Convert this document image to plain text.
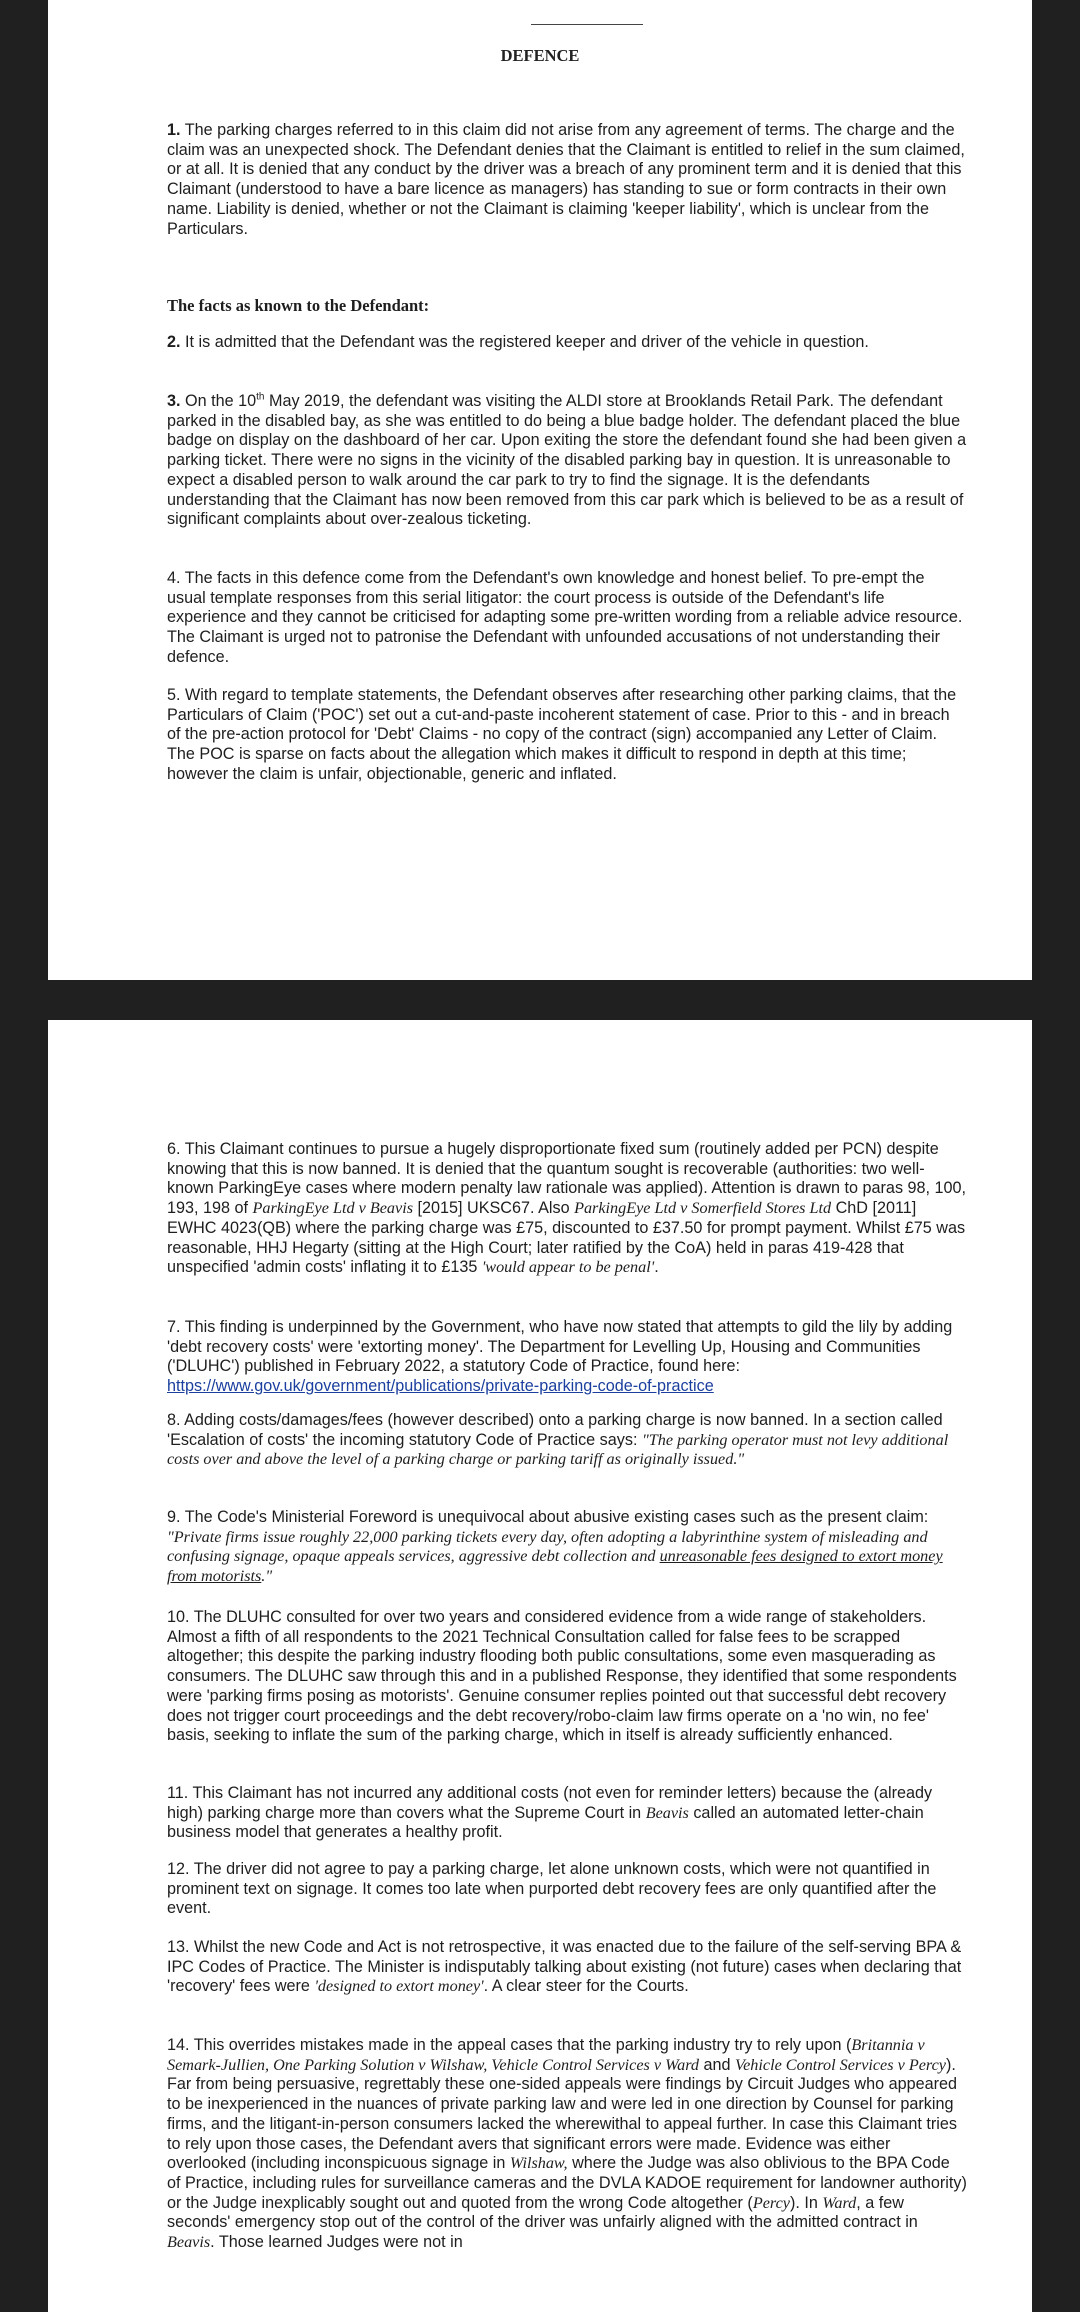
DEFENCE

1. The parking charges referred to in this claim did not arise from any agreement of terms. The charge and the claim was an unexpected shock. The Defendant denies that the Claimant is entitled to relief in the sum claimed, or at all. It is denied that any conduct by the driver was a breach of any prominent term and it is denied that this Claimant (understood to have a bare licence as managers) has standing to sue or form contracts in their own name. Liability is denied, whether or not the Claimant is claiming 'keeper liability', which is unclear from the Particulars.

The facts as known to the Defendant:

2. It is admitted that the Defendant was the registered keeper and driver of the vehicle in question.

3. On the 10th May 2019, the defendant was visiting the ALDI store at Brooklands Retail Park. The defendant parked in the disabled bay, as she was entitled to do being a blue badge holder. The defendant placed the blue badge on display on the dashboard of her car. Upon exiting the store the defendant found she had been given a parking ticket. There were no signs in the vicinity of the disabled parking bay in question. It is unreasonable to expect a disabled person to walk around the car park to try to find the signage. It is the defendants understanding that the Claimant has now been removed from this car park which is believed to be as a result of significant complaints about over-zealous ticketing.

4. The facts in this defence come from the Defendant's own knowledge and honest belief. To pre-empt the usual template responses from this serial litigator: the court process is outside of the Defendant's life experience and they cannot be criticised for adapting some pre-written wording from a reliable advice resource. The Claimant is urged not to patronise the Defendant with unfounded accusations of not understanding their defence.

5. With regard to template statements, the Defendant observes after researching other parking claims, that the Particulars of Claim ('POC') set out a cut-and-paste incoherent statement of case. Prior to this - and in breach of the pre-action protocol for 'Debt' Claims - no copy of the contract (sign) accompanied any Letter of Claim. The POC is sparse on facts about the allegation which makes it difficult to respond in depth at this time; however the claim is unfair, objectionable, generic and inflated.

6. This Claimant continues to pursue a hugely disproportionate fixed sum (routinely added per PCN) despite knowing that this is now banned. It is denied that the quantum sought is recoverable (authorities: two well-known ParkingEye cases where modern penalty law rationale was applied). Attention is drawn to paras 98, 100, 193, 198 of ParkingEye Ltd v Beavis [2015] UKSC67. Also ParkingEye Ltd v Somerfield Stores Ltd ChD [2011] EWHC 4023(QB) where the parking charge was £75, discounted to £37.50 for prompt payment. Whilst £75 was reasonable, HHJ Hegarty (sitting at the High Court; later ratified by the CoA) held in paras 419-428 that unspecified 'admin costs' inflating it to £135 'would appear to be penal'.

7. This finding is underpinned by the Government, who have now stated that attempts to gild the lily by adding 'debt recovery costs' were 'extorting money'. The Department for Levelling Up, Housing and Communities ('DLUHC') published in February 2022, a statutory Code of Practice, found here: https://www.gov.uk/government/publications/private-parking-code-of-practice

8. Adding costs/damages/fees (however described) onto a parking charge is now banned. In a section called 'Escalation of costs' the incoming statutory Code of Practice says: "The parking operator must not levy additional costs over and above the level of a parking charge or parking tariff as originally issued."

9. The Code's Ministerial Foreword is unequivocal about abusive existing cases such as the present claim: "Private firms issue roughly 22,000 parking tickets every day, often adopting a labyrinthine system of misleading and confusing signage, opaque appeals services, aggressive debt collection and unreasonable fees designed to extort money from motorists."

10. The DLUHC consulted for over two years and considered evidence from a wide range of stakeholders. Almost a fifth of all respondents to the 2021 Technical Consultation called for false fees to be scrapped altogether; this despite the parking industry flooding both public consultations, some even masquerading as consumers. The DLUHC saw through this and in a published Response, they identified that some respondents were 'parking firms posing as motorists'. Genuine consumer replies pointed out that successful debt recovery does not trigger court proceedings and the debt recovery/robo-claim law firms operate on a 'no win, no fee' basis, seeking to inflate the sum of the parking charge, which in itself is already sufficiently enhanced.

11. This Claimant has not incurred any additional costs (not even for reminder letters) because the (already high) parking charge more than covers what the Supreme Court in Beavis called an automated letter-chain business model that generates a healthy profit.

12. The driver did not agree to pay a parking charge, let alone unknown costs, which were not quantified in prominent text on signage. It comes too late when purported debt recovery fees are only quantified after the event.

13. Whilst the new Code and Act is not retrospective, it was enacted due to the failure of the self-serving BPA & IPC Codes of Practice. The Minister is indisputably talking about existing (not future) cases when declaring that 'recovery' fees were 'designed to extort money'. A clear steer for the Courts.

14. This overrides mistakes made in the appeal cases that the parking industry try to rely upon (Britannia v Semark-Jullien, One Parking Solution v Wilshaw, Vehicle Control Services v Ward and Vehicle Control Services v Percy). Far from being persuasive, regrettably these one-sided appeals were findings by Circuit Judges who appeared to be inexperienced in the nuances of private parking law and were led in one direction by Counsel for parking firms, and the litigant-in-person consumers lacked the wherewithal to appeal further. In case this Claimant tries to rely upon those cases, the Defendant avers that significant errors were made. Evidence was either overlooked (including inconspicuous signage in Wilshaw, where the Judge was also oblivious to the BPA Code of Practice, including rules for surveillance cameras and the DVLA KADOE requirement for landowner authority) or the Judge inexplicably sought out and quoted from the wrong Code altogether (Percy). In Ward, a few seconds' emergency stop out of the control of the driver was unfairly aligned with the admitted contract in Beavis. Those learned Judges were not in
